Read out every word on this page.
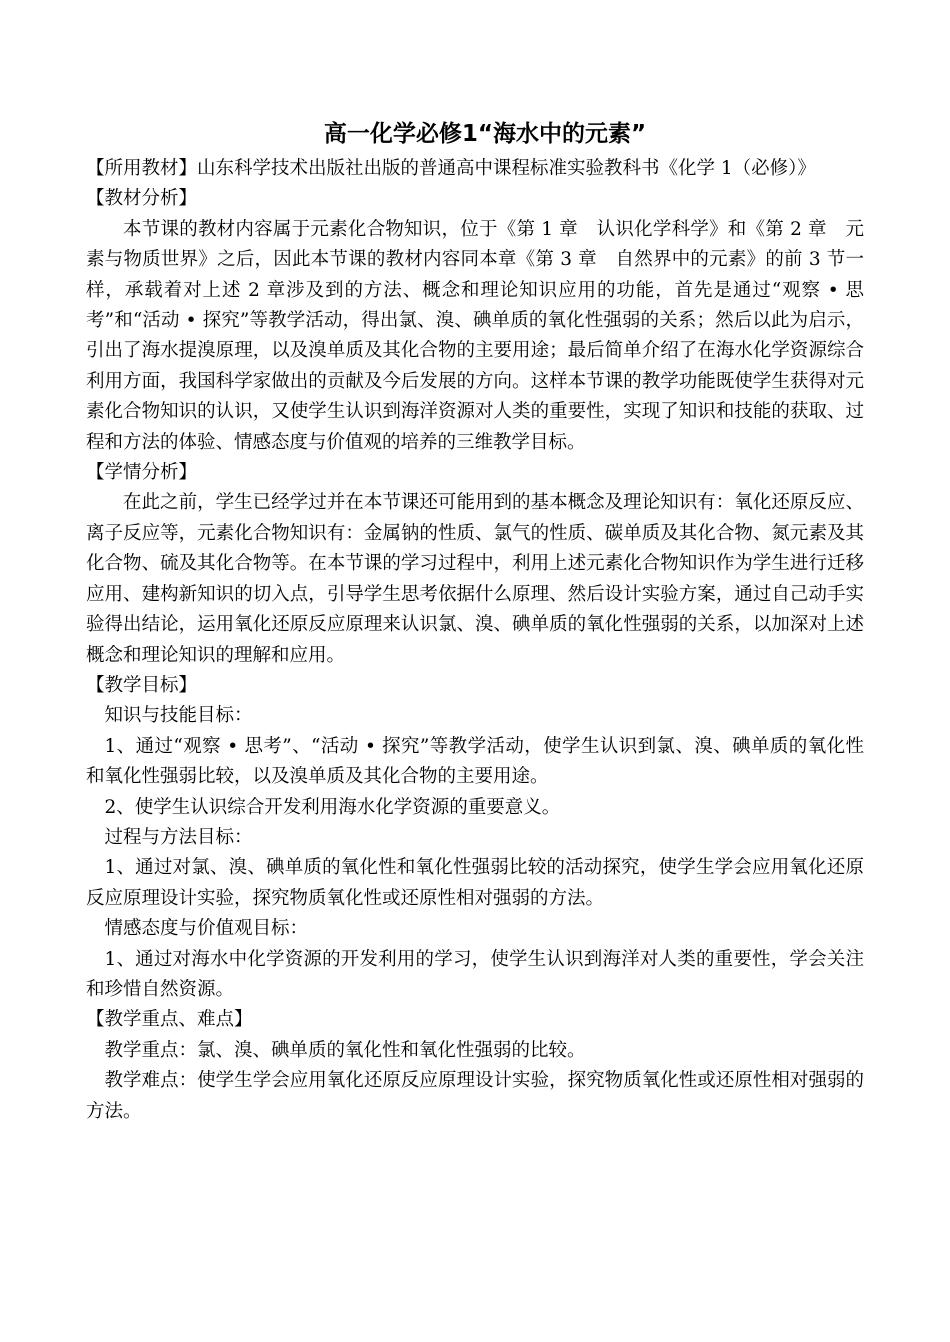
高一化学必修1“海水中的元素”

【所用教材】山东科学技术出版社出版的普通高中课程标准实验教科书《化学 1（必修）》

【教材分析】

本节课的教材内容属于元素化合物知识，位于《第 1 章　认识化学科学》和《第 2 章　元素与物质世界》之后，因此本节课的教材内容同本章《第 3 章　自然界中的元素》的前 3 节一样，承载着对上述 2 章涉及到的方法、概念和理论知识应用的功能，首先是通过“观察 • 思考”和“活动 • 探究”等教学活动，得出氯、溴、碘单质的氧化性强弱的关系；然后以此为启示，引出了海水提溴原理，以及溴单质及其化合物的主要用途；最后简单介绍了在海水化学资源综合利用方面，我国科学家做出的贡献及今后发展的方向。这样本节课的教学功能既使学生获得对元素化合物知识的认识，又使学生认识到海洋资源对人类的重要性，实现了知识和技能的获取、过程和方法的体验、情感态度与价值观的培养的三维教学目标。

【学情分析】

在此之前，学生已经学过并在本节课还可能用到的基本概念及理论知识有：氧化还原反应、离子反应等，元素化合物知识有：金属钠的性质、氯气的性质、碳单质及其化合物、氮元素及其化合物、硫及其化合物等。在本节课的学习过程中，利用上述元素化合物知识作为学生进行迁移应用、建构新知识的切入点，引导学生思考依据什么原理、然后设计实验方案，通过自己动手实验得出结论，运用氧化还原反应原理来认识氯、溴、碘单质的氧化性强弱的关系，以加深对上述概念和理论知识的理解和应用。

【教学目标】

知识与技能目标：

1、通过“观察 • 思考”、“活动 • 探究”等教学活动，使学生认识到氯、溴、碘单质的氧化性和氧化性强弱比较，以及溴单质及其化合物的主要用途。

2、使学生认识综合开发利用海水化学资源的重要意义。

过程与方法目标：

1、通过对氯、溴、碘单质的氧化性和氧化性强弱比较的活动探究，使学生学会应用氧化还原反应原理设计实验，探究物质氧化性或还原性相对强弱的方法。

情感态度与价值观目标：

1、通过对海水中化学资源的开发利用的学习，使学生认识到海洋对人类的重要性，学会关注和珍惜自然资源。

【教学重点、难点】

教学重点：氯、溴、碘单质的氧化性和氧化性强弱的比较。

教学难点：使学生学会应用氧化还原反应原理设计实验，探究物质氧化性或还原性相对强弱的方法。
